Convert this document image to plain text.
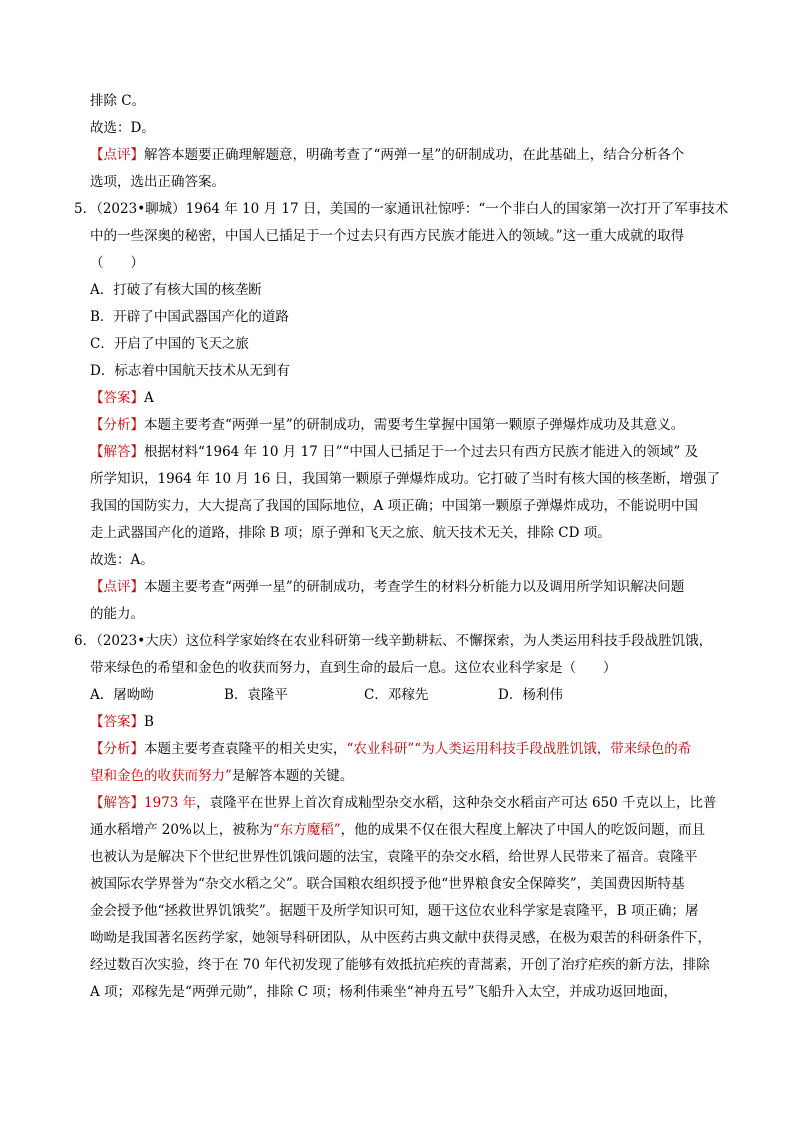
排除 C。
故选：D。
【点评】解答本题要正确理解题意，明确考查了“两弹一星”的研制成功，在此基础上，结合分析各个
选项，选出正确答案。
5．（2023•聊城）1964 年 10 月 17 日，美国的一家通讯社惊呼：“一个非白人的国家第一次打开了军事技术
中的一些深奥的秘密，中国人已插足于一个过去只有西方民族才能进入的领域。”这一重大成就的取得
（　　）
A．打破了有核大国的核垄断
B．开辟了中国武器国产化的道路
C．开启了中国的飞天之旅
D．标志着中国航天技术从无到有
【答案】A
【分析】本题主要考查“两弹一星”的研制成功，需要考生掌握中国第一颗原子弹爆炸成功及其意义。
【解答】根据材料“1964 年 10 月 17 日”“中国人已插足于一个过去只有西方民族才能进入的领域” 及
所学知识，1964 年 10 月 16 日，我国第一颗原子弹爆炸成功。它打破了当时有核大国的核垄断，增强了
我国的国防实力，大大提高了我国的国际地位，A 项正确；中国第一颗原子弹爆炸成功，不能说明中国
走上武器国产化的道路，排除 B 项；原子弹和飞天之旅、航天技术无关，排除 CD 项。
故选：A。
【点评】本题主要考查“两弹一星”的研制成功，考查学生的材料分析能力以及调用所学知识解决问题
的能力。
6．（2023•大庆）这位科学家始终在农业科研第一线辛勤耕耘、不懈探索，为人类运用科技手段战胜饥饿，
带来绿色的希望和金色的收获而努力，直到生命的最后一息。这位农业科学家是（　　）
A．屠呦呦	B．袁隆平	C．邓稼先	D．杨利伟
【答案】B
【分析】本题主要考查袁隆平的相关史实，“农业科研”“为人类运用科技手段战胜饥饿，带来绿色的希
望和金色的收获而努力”是解答本题的关键。
【解答】1973 年，袁隆平在世界上首次育成籼型杂交水稻，这种杂交水稻亩产可达 650 千克以上，比普
通水稻增产 20%以上，被称为“东方魔稻”，他的成果不仅在很大程度上解决了中国人的吃饭问题，而且
也被认为是解决下个世纪世界性饥饿问题的法宝，袁隆平的杂交水稻，给世界人民带来了福音。袁隆平
被国际农学界誉为“杂交水稻之父”。联合国粮农组织授予他“世界粮食安全保障奖”，美国费因斯特基
金会授予他“拯救世界饥饿奖”。据题干及所学知识可知，题干这位农业科学家是袁隆平，B 项正确；屠
呦呦是我国著名医药学家，她领导科研团队，从中医药古典文献中获得灵感，在极为艰苦的科研条件下，
经过数百次实验，终于在 70 年代初发现了能够有效抵抗疟疾的青蒿素，开创了治疗疟疾的新方法，排除
A 项；邓稼先是“两弹元勋”，排除 C 项；杨利伟乘坐“神舟五号”飞船升入太空，并成功返回地面，
